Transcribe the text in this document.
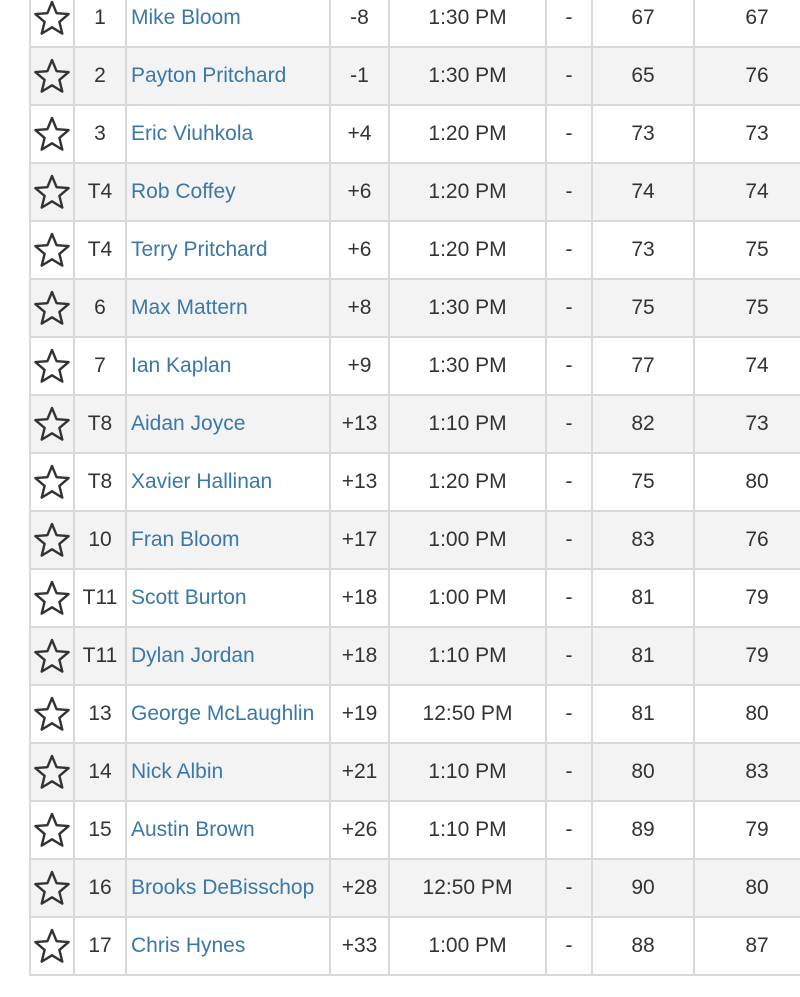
	1	Mike Bloom	-8	1:30 PM	-	67	67

	2	Payton Pritchard	-1	1:30 PM	-	65	76

	3	Eric Viuhkola	+4	1:20 PM	-	73	73

	T4	Rob Coffey	+6	1:20 PM	-	74	74

	T4	Terry Pritchard	+6	1:20 PM	-	73	75

	6	Max Mattern	+8	1:30 PM	-	75	75

	7	Ian Kaplan	+9	1:30 PM	-	77	74

	T8	Aidan Joyce	+13	1:10 PM	-	82	73

	T8	Xavier Hallinan	+13	1:20 PM	-	75	80

	10	Fran Bloom	+17	1:00 PM	-	83	76

	T11	Scott Burton	+18	1:00 PM	-	81	79

	T11	Dylan Jordan	+18	1:10 PM	-	81	79

	13	George McLaughlin	+19	12:50 PM	-	81	80

	14	Nick Albin	+21	1:10 PM	-	80	83

	15	Austin Brown	+26	1:10 PM	-	89	79

	16	Brooks DeBisschop	+28	12:50 PM	-	90	80

	17	Chris Hynes	+33	1:00 PM	-	88	87
